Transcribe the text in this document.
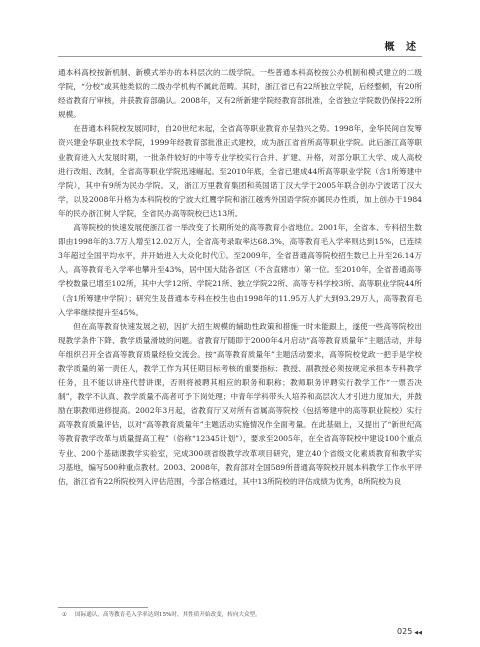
概 述

通本科高校按新机制、新模式举办的本科层次的二级学院。一些普通本科高校按公办机制和模式建立的二级学院，“分校”或其他类似的二级办学机构不属此范畴。其时，浙江省已有22所独立学院，后经整顿，有20所经省教育厅审核，并获教育部确认。2008年，又有2所新建学院经教育部批准，全省独立学院数仍保持22所规模。

在普通本科院校发展同时，自20世纪末起，全省高等职业教育亦呈勃兴之势。1998年，金华民间自发筹资兴建金华职业技术学院，1999年经教育部批准正式建校，成为浙江省首所高等职业学院。此后浙江高等职业教育进入大发展时期，一批条件较好的中等专业学校实行合并、扩建、升格，对部分职工大学、成人高校进行改组、改制，全省高等职业学院迅速崛起。至2010年底，全省已建成44所高等职业学院（含1所筹建中学院），其中有9所为民办学院。又，浙江万里教育集团和英国诺丁汉大学于2005年联合创办宁波诺丁汉大学，以及2008年升格为本科院校的宁波大红鹰学院和浙江越秀外国语学院亦属民办性质，加上创办于1984年的民办浙江树人学院，全省民办高等院校已达13所。

高等院校的快速发展使浙江省一举改变了长期所处的高等教育小省地位。2001年，全省本、专科招生数即由1998年的3.7万人增至12.02万人，全省高考录取率达68.3%，高等教育毛入学率则达到15%，已连续3年超过全国平均水平，并开始进入大众化时代①。至2009年，全省普通高等院校招生数已上升至26.14万人，高等教育毛入学率也攀升至43%，居中国大陆各省区（不含直辖市）第一位。至2010年，全省普通高等学校数量已增至102所，其中大学12所、学院21所、独立学院22所、高等专科学校3所、高等职业学院44所（含1所筹建中学院）；研究生及普通本专科在校生也由1998年的11.95万人扩大到93.29万人，高等教育毛入学率继续提升至45%。

但在高等教育快速发展之初，因扩大招生规模的辅助性政策和措施一时未能跟上，遂使一些高等院校出现教学条件下降、教学质量滑坡的问题。省教育厅随即于2000年4月启动“高等教育质量年”主题活动，并每年组织召开全省高等教育质量经验交流会。按“高等教育质量年”主题活动要求，高等院校党政一把手是学校教学质量的第一责任人，教学工作为其任期目标考核的重要指标；教授、副教授必须按规定承担本专科教学任务，且不能以讲座代替讲课，否则将被聘其相应的职务和职称；教师职务评聘实行教学工作“一票否决制”，教学不认真、教学质量不高者可予下岗处理；中青年学科带头人培养和高层次人才引进力度加大，并鼓励在职教师进修提高。2002年3月起，省教育厅又对所有省属高等院校（包括筹建中的高等职业院校）实行高等教育质量评估，以对“高等教育质量年”主题活动实施情况作全面考量。在此基础上，又提出了“新世纪高等教育教学改革与质量提高工程”（俗称“12345计划”），要求至2005年，在全省高等院校中建设100个重点专业、200个基础课教学实验室，完成300项省级教学改革项目研究，建立40个省级文化素质教育和教学实习基地，编写500种重点教材。2003、2008年，教育部对全国589所普通高等院校开展本科教学工作水平评估，浙江省有22所院校列入评估范围，今部合格通过，其中13所院校的评估成绩为优秀，8所院校为良

① 国际通认，高等教育毛入学率达到15%时，其性质开始改变，转向大众型。
025 ◀◀
